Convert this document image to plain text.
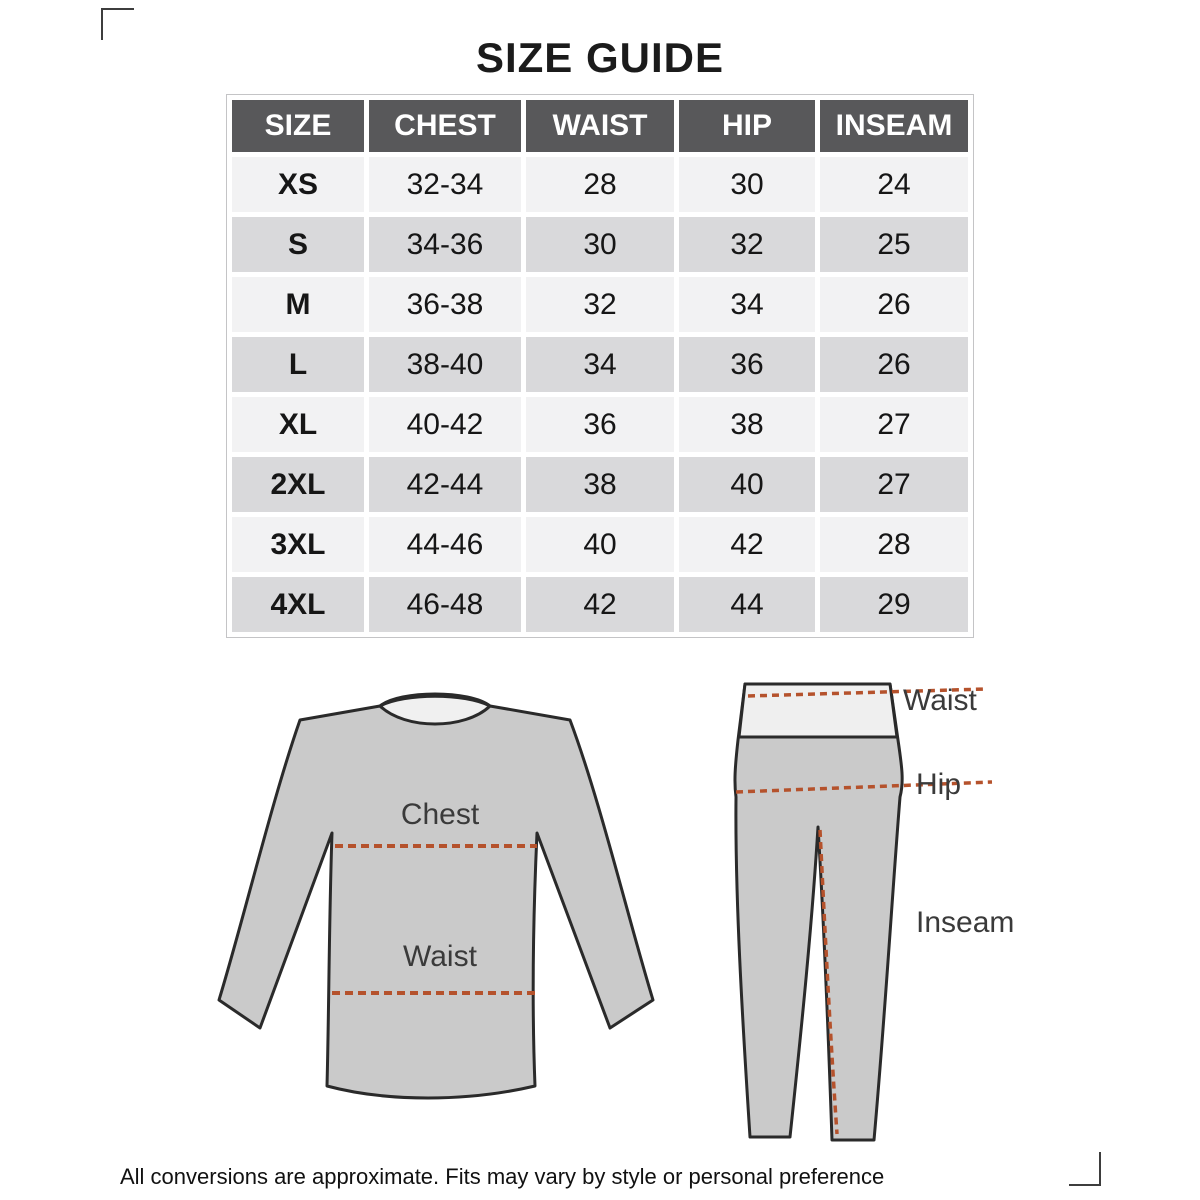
SIZE GUIDE
SIZE	CHEST	WAIST	HIP	INSEAM
XS	32-34	28	30	24
S	34-36	30	32	25
M	36-38	32	34	26
L	38-40	34	36	26
XL	40-42	36	38	27
2XL	42-44	38	40	27
3XL	44-46	40	42	28
4XL	46-48	42	44	29
Chest
Waist
Waist
Hip
Inseam
All conversions are approximate. Fits may vary by style or personal preference
